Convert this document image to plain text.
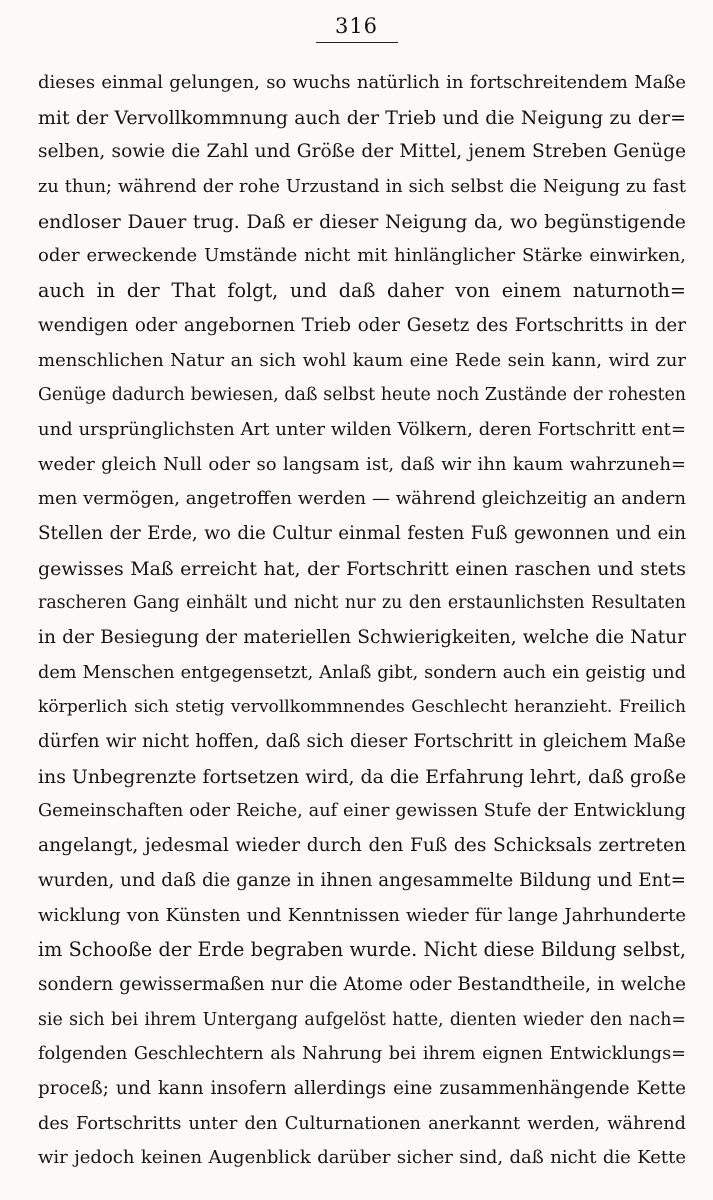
316
dieses einmal gelungen, so wuchs natürlich in fortschreitendem Maße
mit der Vervollkommnung auch der Trieb und die Neigung zu der=
selben, sowie die Zahl und Größe der Mittel, jenem Streben Genüge
zu thun; während der rohe Urzustand in sich selbst die Neigung zu fast
endloser Dauer trug. Daß er dieser Neigung da, wo begünstigende
oder erweckende Umstände nicht mit hinlänglicher Stärke einwirken,
auch in der That folgt, und daß daher von einem naturnoth=
wendigen oder angebornen Trieb oder Gesetz des Fortschritts in der
menschlichen Natur an sich wohl kaum eine Rede sein kann, wird zur
Genüge dadurch bewiesen, daß selbst heute noch Zustände der rohesten
und ursprünglichsten Art unter wilden Völkern, deren Fortschritt ent=
weder gleich Null oder so langsam ist, daß wir ihn kaum wahrzuneh=
men vermögen, angetroffen werden — während gleichzeitig an andern
Stellen der Erde, wo die Cultur einmal festen Fuß gewonnen und ein
gewisses Maß erreicht hat, der Fortschritt einen raschen und stets
rascheren Gang einhält und nicht nur zu den erstaunlichsten Resultaten
in der Besiegung der materiellen Schwierigkeiten, welche die Natur
dem Menschen entgegensetzt, Anlaß gibt, sondern auch ein geistig und
körperlich sich stetig vervollkommnendes Geschlecht heranzieht. Freilich
dürfen wir nicht hoffen, daß sich dieser Fortschritt in gleichem Maße
ins Unbegrenzte fortsetzen wird, da die Erfahrung lehrt, daß große
Gemeinschaften oder Reiche, auf einer gewissen Stufe der Entwicklung
angelangt, jedesmal wieder durch den Fuß des Schicksals zertreten
wurden, und daß die ganze in ihnen angesammelte Bildung und Ent=
wicklung von Künsten und Kenntnissen wieder für lange Jahrhunderte
im Schooße der Erde begraben wurde. Nicht diese Bildung selbst,
sondern gewissermaßen nur die Atome oder Bestandtheile, in welche
sie sich bei ihrem Untergang aufgelöst hatte, dienten wieder den nach=
folgenden Geschlechtern als Nahrung bei ihrem eignen Entwicklungs=
proceß; und kann insofern allerdings eine zusammenhängende Kette
des Fortschritts unter den Culturnationen anerkannt werden, während
wir jedoch keinen Augenblick darüber sicher sind, daß nicht die Kette
